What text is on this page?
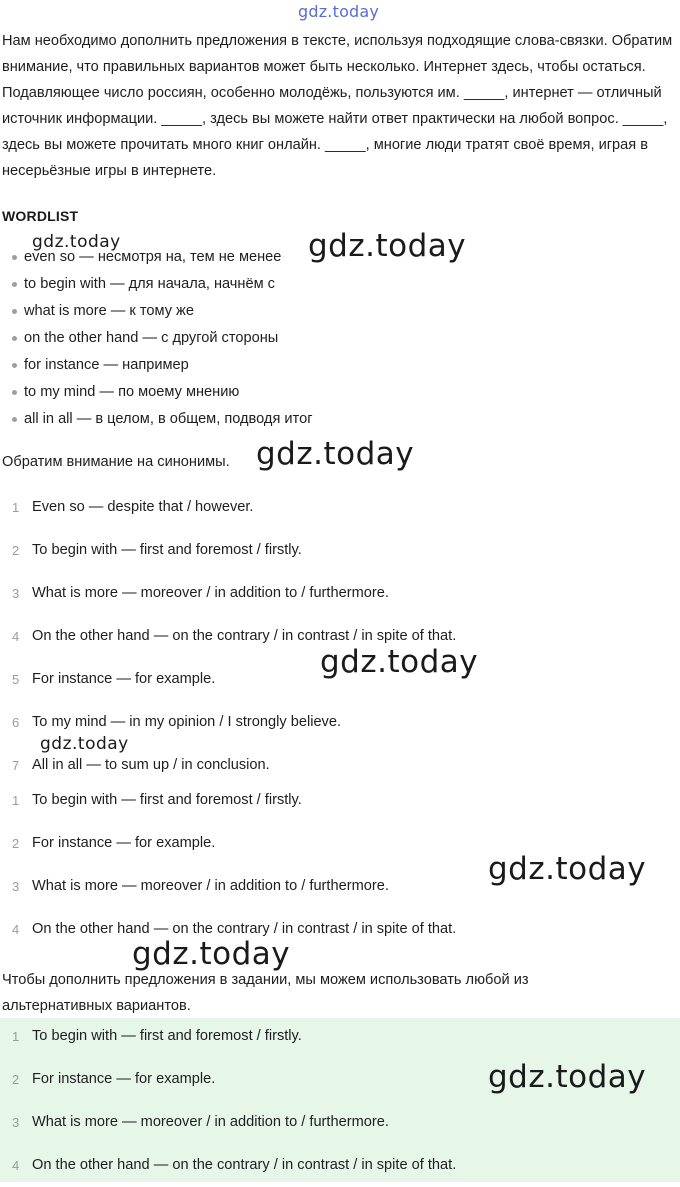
gdz.today

Нам необходимо дополнить предложения в тексте, используя подходящие слова-связки. Обратим внимание, что правильных вариантов может быть несколько. Интернет здесь, чтобы остаться. Подавляющее число россиян, особенно молодёжь, пользуются им. _____, интернет — отличный источник информации. _____, здесь вы можете найти ответ практически на любой вопрос. _____, здесь вы можете прочитать много книг онлайн. _____, многие люди тратят своё время, играя в несерьёзные игры в интернете.

WORDLIST
even so — несмотря на, тем не менее
to begin with — для начала, начнём с
what is more — к тому же
on the other hand — с другой стороны
for instance — например
to my mind — по моему мнению
all in all — в целом, в общем, подводя итог

Обратим внимание на синонимы.

1 Even so — despite that / however.
2 To begin with — first and foremost / firstly.
3 What is more — moreover / in addition to / furthermore.
4 On the other hand — on the contrary / in contrast / in spite of that.
5 For instance — for example.
6 To my mind — in my opinion / I strongly believe.
7 All in all — to sum up / in conclusion.
1 To begin with — first and foremost / firstly.
2 For instance — for example.
3 What is more — moreover / in addition to / furthermore.
4 On the other hand — on the contrary / in contrast / in spite of that.

Чтобы дополнить предложения в задании, мы можем использовать любой из альтернативных вариантов.

1 To begin with — first and foremost / firstly.
2 For instance — for example.
3 What is more — moreover / in addition to / furthermore.
4 On the other hand — on the contrary / in contrast / in spite of that.
gdz.today	gdz.today
gdz.today
gdz.today
gdz.today
gdz.today
gdz.today
gdz.today
